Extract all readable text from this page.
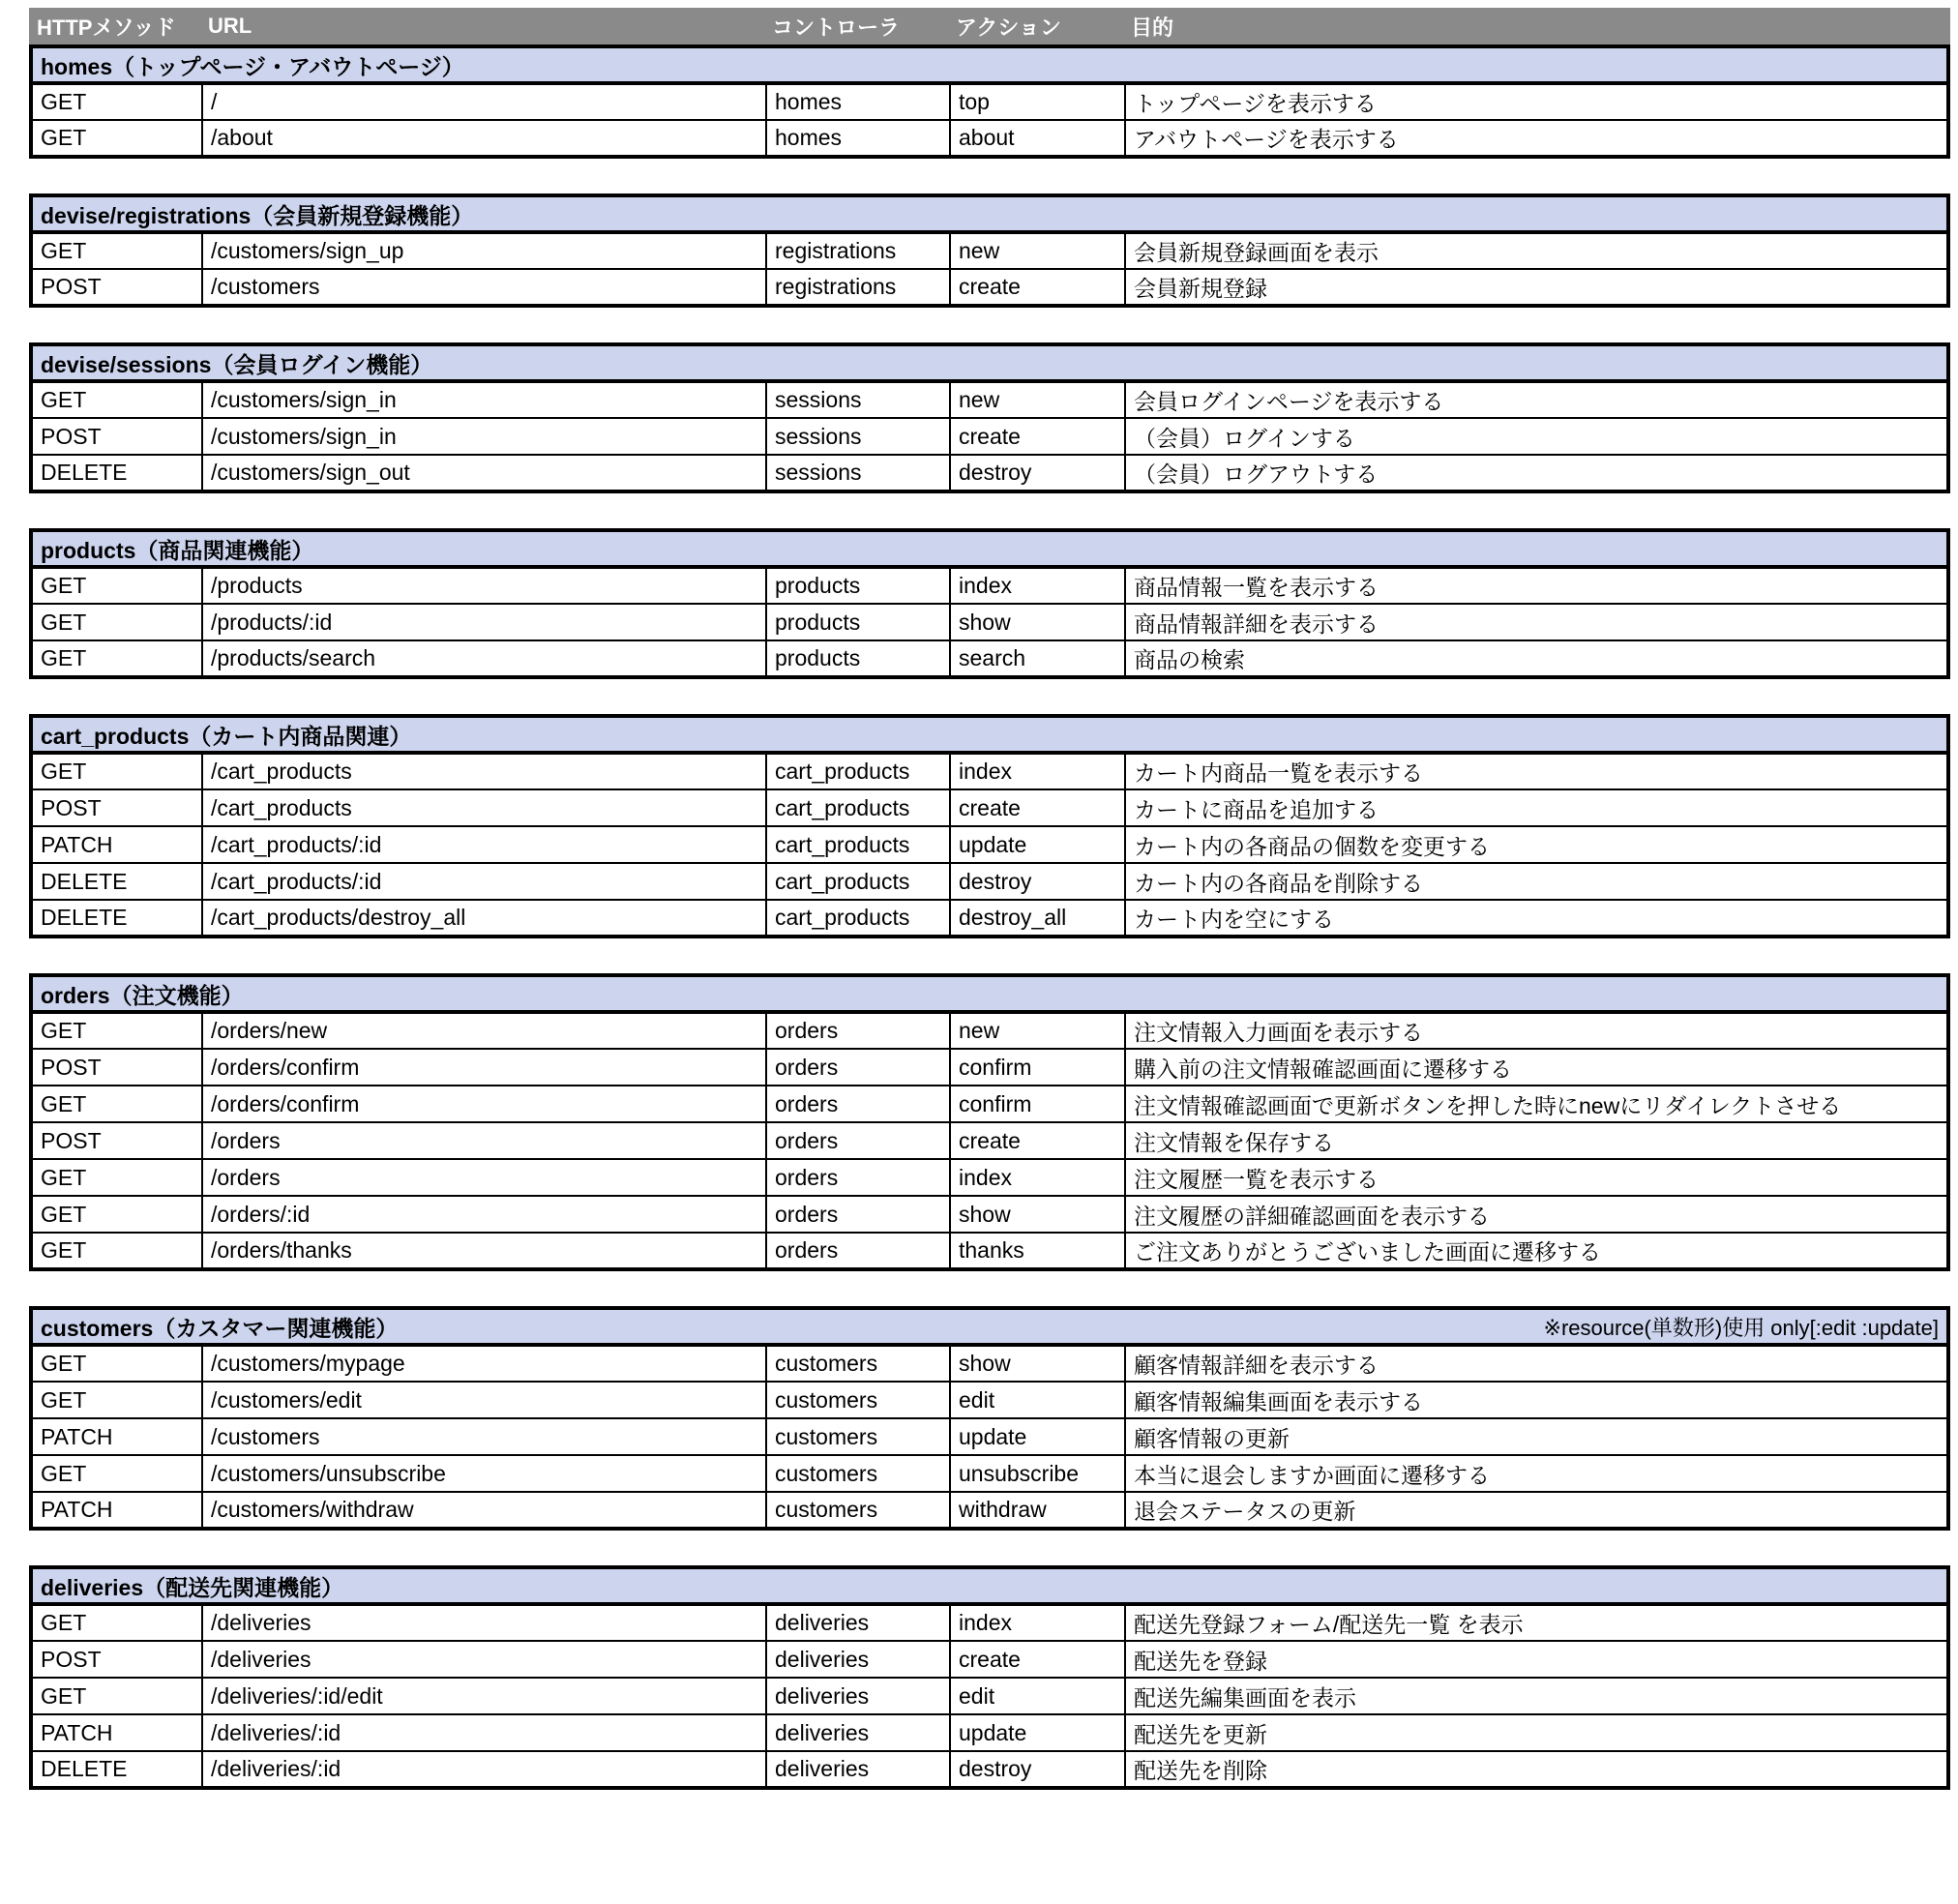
HTTPメソッド	URL	コントローラ	アクション	目的
homes（トップページ・アバウトページ）				

GET	/	homes	top	トップページを表示する
GET	/about	homes	about	アバウトページを表示する
devise/registrations（会員新規登録機能）				

GET	/customers/sign_up	registrations	new	会員新規登録画面を表示
POST	/customers	registrations	create	会員新規登録
devise/sessions（会員ログイン機能）				

GET	/customers/sign_in	sessions	new	会員ログインページを表示する
POST	/customers/sign_in	sessions	create	（会員）ログインする
DELETE	/customers/sign_out	sessions	destroy	（会員）ログアウトする
products（商品関連機能）				

GET	/products	products	index	商品情報一覧を表示する
GET	/products/:id	products	show	商品情報詳細を表示する
GET	/products/search	products	search	商品の検索
cart_products（カート内商品関連）				

GET	/cart_products	cart_products	index	カート内商品一覧を表示する
POST	/cart_products	cart_products	create	カートに商品を追加する
PATCH	/cart_products/:id	cart_products	update	カート内の各商品の個数を変更する
DELETE	/cart_products/:id	cart_products	destroy	カート内の各商品を削除する
DELETE	/cart_products/destroy_all	cart_products	destroy_all	カート内を空にする
orders（注文機能）				

GET	/orders/new	orders	new	注文情報入力画面を表示する
POST	/orders/confirm	orders	confirm	購入前の注文情報確認画面に遷移する
GET	/orders/confirm	orders	confirm	注文情報確認画面で更新ボタンを押した時にnewにリダイレクトさせる
POST	/orders	orders	create	注文情報を保存する
GET	/orders	orders	index	注文履歴一覧を表示する
GET	/orders/:id	orders	show	注文履歴の詳細確認画面を表示する
GET	/orders/thanks	orders	thanks	ご注文ありがとうございました画面に遷移する
customers（カスタマー関連機能） ※resource(単数形)使用 only[:edit :update]				

GET	/customers/mypage	customers	show	顧客情報詳細を表示する
GET	/customers/edit	customers	edit	顧客情報編集画面を表示する
PATCH	/customers	customers	update	顧客情報の更新
GET	/customers/unsubscribe	customers	unsubscribe	本当に退会しますか画面に遷移する
PATCH	/customers/withdraw	customers	withdraw	退会ステータスの更新
deliveries（配送先関連機能）				

GET	/deliveries	deliveries	index	配送先登録フォーム/配送先一覧 を表示
POST	/deliveries	deliveries	create	配送先を登録
GET	/deliveries/:id/edit	deliveries	edit	配送先編集画面を表示
PATCH	/deliveries/:id	deliveries	update	配送先を更新
DELETE	/deliveries/:id	deliveries	destroy	配送先を削除
